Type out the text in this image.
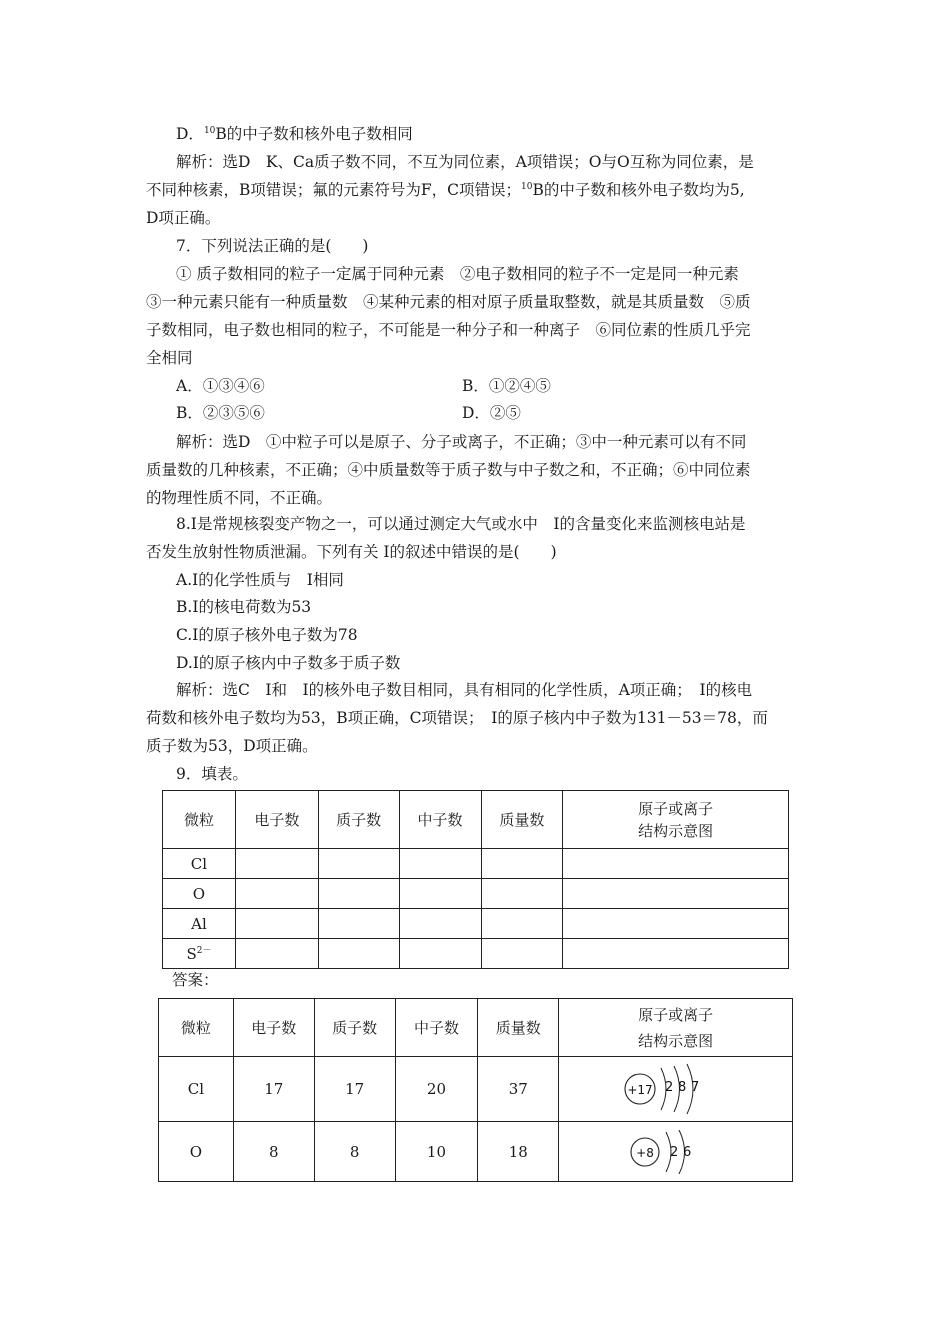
D．$^{10}$B的中子数和核外电子数相同
解析：选D　K、Ca质子数不同，不互为同位素，A项错误；O与O互称为同位素，是
不同种核素，B项错误；氟的元素符号为F，C项错误；$^{10}$B的中子数和核外电子数均为5,
D项正确。
7．下列说法正确的是(　　)
① 质子数相同的粒子一定属于同种元素　②电子数相同的粒子不一定是同一种元素
③一种元素只能有一种质量数　④某种元素的相对原子质量取整数，就是其质量数　⑤质
子数相同，电子数也相同的粒子，不可能是一种分子和一种离子　⑥同位素的性质几乎完
全相同
A．①③④⑥	B．①②④⑤
B．②③⑤⑥	D．②⑤
解析：选D　①中粒子可以是原子、分子或离子，不正确；③中一种元素可以有不同
质量数的几种核素，不正确；④中质量数等于质子数与中子数之和，不正确；⑥中同位素
的物理性质不同，不正确。
8.I是常规核裂变产物之一，可以通过测定大气或水中　I的含量变化来监测核电站是
否发生放射性物质泄漏。下列有关 I的叙述中错误的是(　　)
A.I的化学性质与　I相同
B.I的核电荷数为53
C.I的原子核外电子数为78
D.I的原子核内中子数多于质子数
解析：选C　I和　I的核外电子数目相同，具有相同的化学性质，A项正确；　I的核电
荷数和核外电子数均为53，B项正确，C项错误；　I的原子核内中子数为131－53＝78，而
质子数为53，D项正确。
9．填表。
微粒	电子数	质子数	中子数	质量数	原子或离子
结构示意图

Cl					
O					
Al					
$S^{2-}$					
答案：
微粒	电子数	质子数	中子数	质量数	原子或离子
结构示意图

Cl	17	17	20	37	+17 2 8 7

O	8	8	10	18	+8 2 6
